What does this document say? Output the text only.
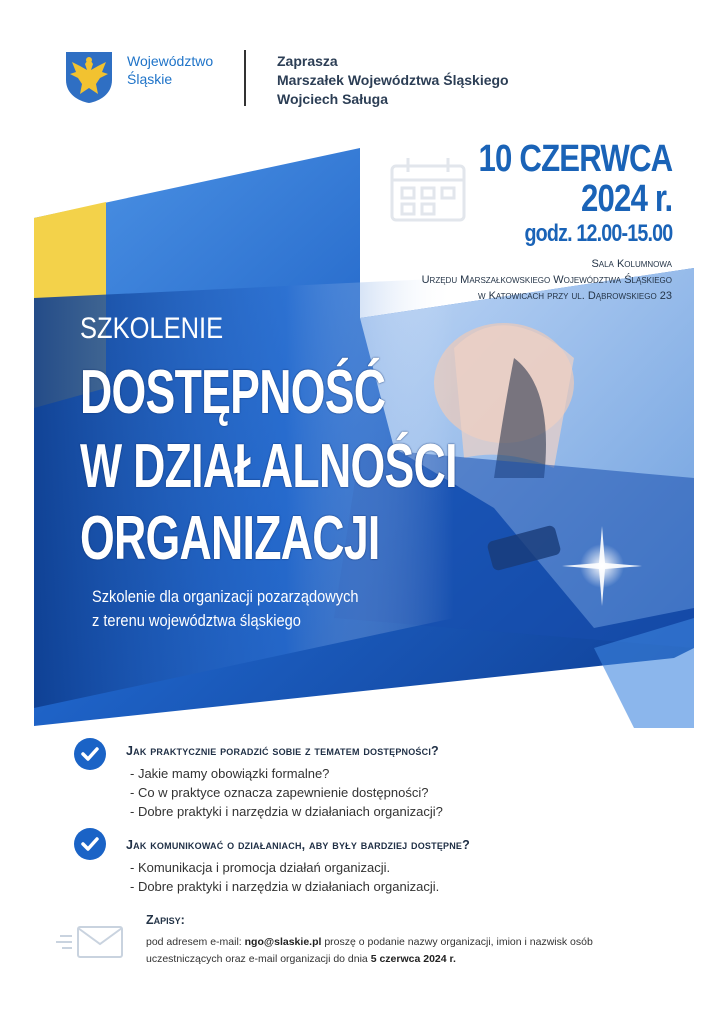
Województwo
Śląskie
Zaprasza
Marszałek Województwa Śląskiego
Wojciech Saługa
SZKOLENIE
DOSTĘPNOŚĆ
W DZIAŁALNOŚCI
ORGANIZACJI
Szkolenie dla organizacji pozarządowych
z terenu województwa śląskiego
10 CZERWCA
2024 r.
godz. 12.00-15.00
Sala Kolumnowa
Urzędu Marszałkowskiego Województwa Śląskiego
w Katowicach przy ul. Dąbrowskiego 23
Jak praktycznie poradzić sobie z tematem dostępności?
- Jakie mamy obowiązki formalne?
- Co w praktyce oznacza zapewnienie dostępności?
- Dobre praktyki i narzędzia w działaniach organizacji?
Jak komunikować o działaniach, aby były bardziej dostępne?
- Komunikacja i promocja działań organizacji.
- Dobre praktyki i narzędzia w działaniach organizacji.
Zapisy:
pod adresem e-mail: ngo@slaskie.pl proszę o podanie nazwy organizacji, imion i nazwisk osób uczestniczących oraz e-mail organizacji do dnia 5 czerwca 2024 r.
